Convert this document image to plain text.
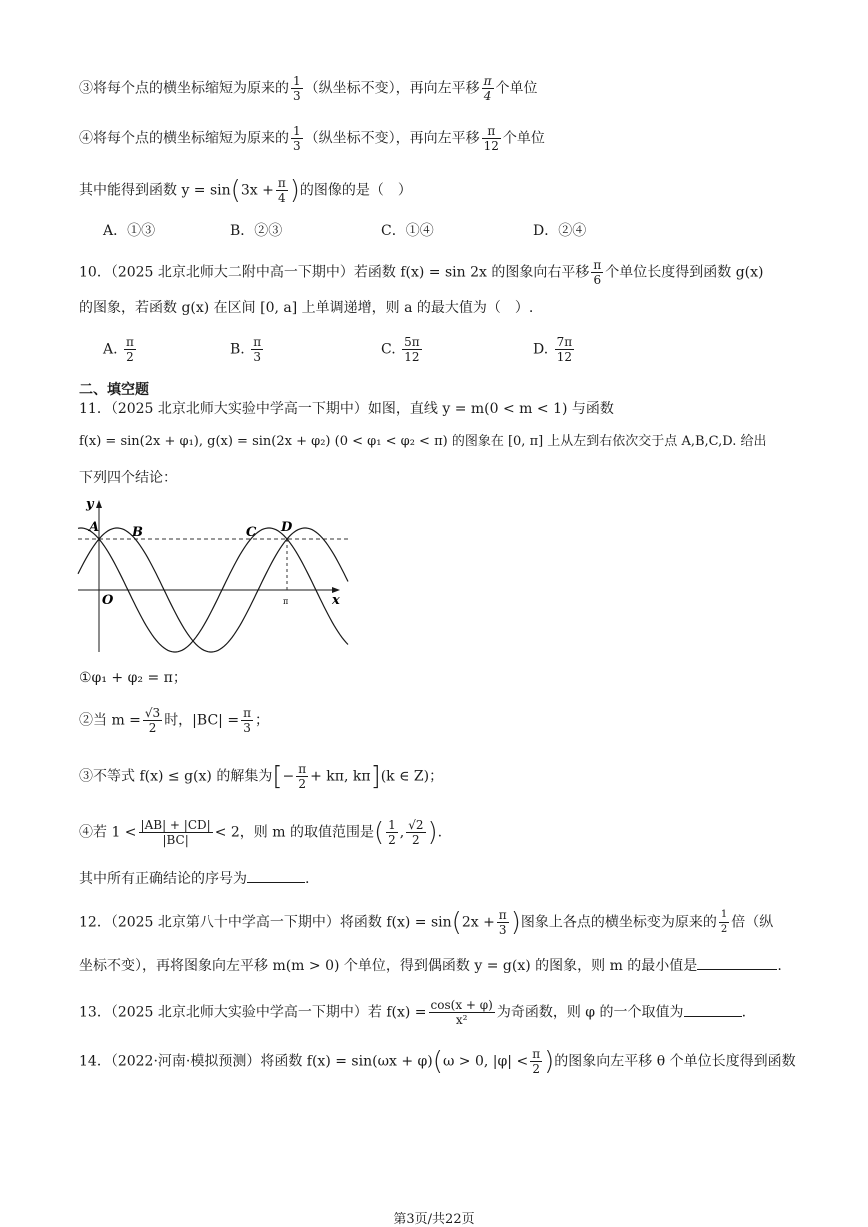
③将每个点的横坐标缩短为原来的 $\frac{1}{3}$ （纵坐标不变），再向左平移 $\frac{\pi}{4}$ 个单位
④将每个点的横坐标缩短为原来的 $\frac{1}{3}$ （纵坐标不变），再向左平移 $\frac{\pi}{12}$ 个单位
其中能得到函数 $y = \sin(3x + \frac{\pi}{4}$ )的图像的是（　）
A．①③	B．②③	C．①④	D．②④
10．（2025 北京北师大二附中高一下期中）若函数 f(x) = sin 2x 的图象向右平移 $\frac{\pi}{6}$ 个单位长度得到函数 g(x)
的图象，若函数 g(x) 在区间 [0, a] 上单调递增，则 a 的最大值为（　）.
A. $\frac{\pi}{2}$	B. $\frac{\pi}{3}$	C. $\frac{5\pi}{12}$	D. $\frac{7\pi}{12}$
二、填空题
11．（2025 北京北师大实验中学高一下期中）如图，直线 y = m(0 < m < 1) 与函数
f(x) = sin(2x + φ₁), g(x) = sin(2x + φ₂) (0 < φ₁ < φ₂ < π) 的图象在 [0, π] 上从左到右依次交于点 A,B,C,D. 给出
下列四个结论：
y
x
O
A	B	C D
π
①φ₁ + φ₂ = π；
②当 $m = \frac{√3}{2}$ 时，$|BC| = \frac{\pi}{3}$ ；
③不等式 f(x) ≤ g(x) 的解集为[− $\frac{\pi}{2} + k\pi$, kπ](k ∈ Z)；
④若 $1 < \frac{|AB| + |CD|}{|BC|} < 2$，则 m 的取值范围是( $\frac{1}{2}$ , $\frac{√2}{2}$ ).
其中所有正确结论的序号为	.
12．（2025 北京第八十中学高一下期中）将函数 $f(x) = \sin(2x + \frac{\pi}{3}$ )图象上各点的横坐标变为原来的 $\frac{1}{2}$ 倍（纵
坐标不变），再将图象向左平移 m(m > 0) 个单位，得到偶函数 y = g(x) 的图象，则 m 的最小值是	.
13．（2025 北京北师大实验中学高一下期中）若 $f(x) = \frac{\cos(x + \varphi)}{\text{x²}}$ 为奇函数，则 φ 的一个取值为	.
14．（2022·河南·模拟预测）将函数 f(x) = sin(ωx + φ)(ω > 0, $|\varphi| < \frac{\pi}{2}$ )的图象向左平移 θ 个单位长度得到函数
第3页/共22页
